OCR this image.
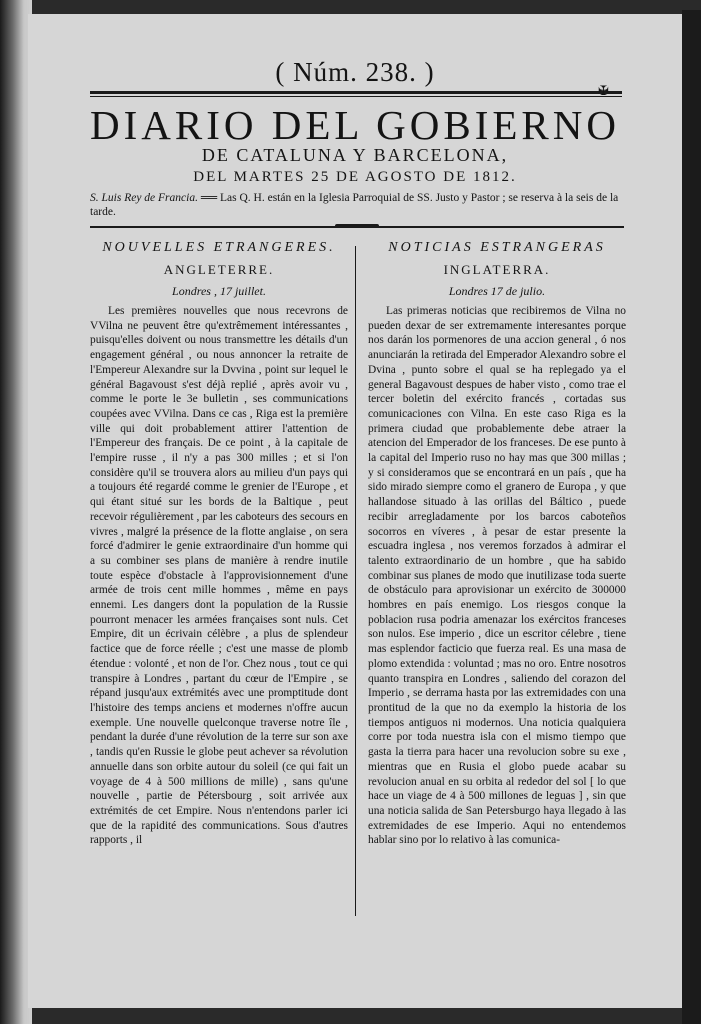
( Núm. 238. )
✠
DIARIO DEL GOBIERNO
DE CATALUNA Y BARCELONA,
DEL MARTES 25 DE AGOSTO DE 1812.
S. Luis Rey de Francia. ══ Las Q. H. están en la Iglesia Parroquial de SS. Justo y Pastor ; se reserva à la seis de la tarde.
NOUVELLES ETRANGERES.
ANGLETERRE.
Londres , 17 juillet.
Les premières nouvelles que nous recevrons de VVilna ne peuvent être qu'extrêmement intéressantes , puisqu'elles doivent ou nous transmettre les détails d'un engagement général , ou nous annoncer la retraite de l'Empereur Alexandre sur la Dvvina , point sur lequel le général Bagavoust s'est déjà replié , après avoir vu , comme le porte le 3e bulletin , ses communications coupées avec VVilna. Dans ce cas , Riga est la première ville qui doit probablement attirer l'attention de l'Empereur des français. De ce point , à la capitale de l'empire russe , il n'y a pas 300 milles ; et si l'on considère qu'il se trouvera alors au milieu d'un pays qui a toujours été regardé comme le grenier de l'Europe , et qui étant situé sur les bords de la Baltique , peut recevoir régulièrement , par les caboteurs des secours en vivres , malgré la présence de la flotte anglaise , on sera forcé d'admirer le genie extraordinaire d'un homme qui a su combiner ses plans de manière à rendre inutile toute espèce d'obstacle à l'approvisionnement d'une armée de trois cent mille hommes , même en pays ennemi. Les dangers dont la population de la Russie pourront menacer les armées françaises sont nuls. Cet Empire, dit un écrivain célèbre , a plus de splendeur factice que de force réelle ; c'est une masse de plomb étendue : volonté , et non de l'or. Chez nous , tout ce qui transpire à Londres , partant du cœur de l'Empire , se répand jusqu'aux extrémités avec une promptitude dont l'histoire des temps anciens et modernes n'offre aucun exemple. Une nouvelle quelconque traverse notre île , pendant la durée d'une révolution de la terre sur son axe , tandis qu'en Russie le globe peut achever sa révolution annuelle dans son orbite autour du soleil (ce qui fait un voyage de 4 à 500 millions de mille) , sans qu'une nouvelle , partie de Pétersbourg , soit arrivée aux extrémités de cet Empire. Nous n'entendons parler ici que de la rapidité des communications. Sous d'autres rapports , il
NOTICIAS ESTRANGERAS
INGLATERRA.
Londres 17 de julio.
Las primeras noticias que recibiremos de Vilna no pueden dexar de ser extremamente interesantes porque nos darán los pormenores de una accion general , ó nos anunciarán la retirada del Emperador Alexandro sobre el Dvina , punto sobre el qual se ha replegado ya el general Bagavoust despues de haber visto , como trae el tercer boletin del exército francés , cortadas sus comunicaciones con Vilna. En este caso Riga es la primera ciudad que probablemente debe atraer la atencion del Emperador de los franceses. De ese punto à la capital del Imperio ruso no hay mas que 300 millas ; y si consideramos que se encontrará en un país , que ha sido mirado siempre como el granero de Europa , y que hallandose situado à las orillas del Báltico , puede recibir arregladamente por los barcos caboteños socorros en víveres , à pesar de estar presente la escuadra inglesa , nos veremos forzados à admirar el talento extraordinario de un hombre , que ha sabido combinar sus planes de modo que inutilizase toda suerte de obstáculo para aprovisionar un exército de 300000 hombres en país enemigo. Los riesgos conque la poblacion rusa podria amenazar los exércitos franceses son nulos. Ese imperio , dice un escritor célebre , tiene mas esplendor facticio que fuerza real. Es una masa de plomo extendida : voluntad ; mas no oro. Entre nosotros quanto transpira en Londres , saliendo del corazon del Imperio , se derrama hasta por las extremidades con una prontitud de la que no da exemplo la historia de los tiempos antiguos ni modernos. Una noticia qualquiera corre por toda nuestra isla con el mismo tiempo que gasta la tierra para hacer una revolucion sobre su exe , mientras que en Rusia el globo puede acabar su revolucion anual en su orbita al rededor del sol [ lo que hace un viage de 4 à 500 millones de leguas ] , sin que una noticia salida de San Petersburgo haya llegado à las extremidades de ese Imperio. Aqui no entendemos hablar sino por lo relativo à las comunica-
